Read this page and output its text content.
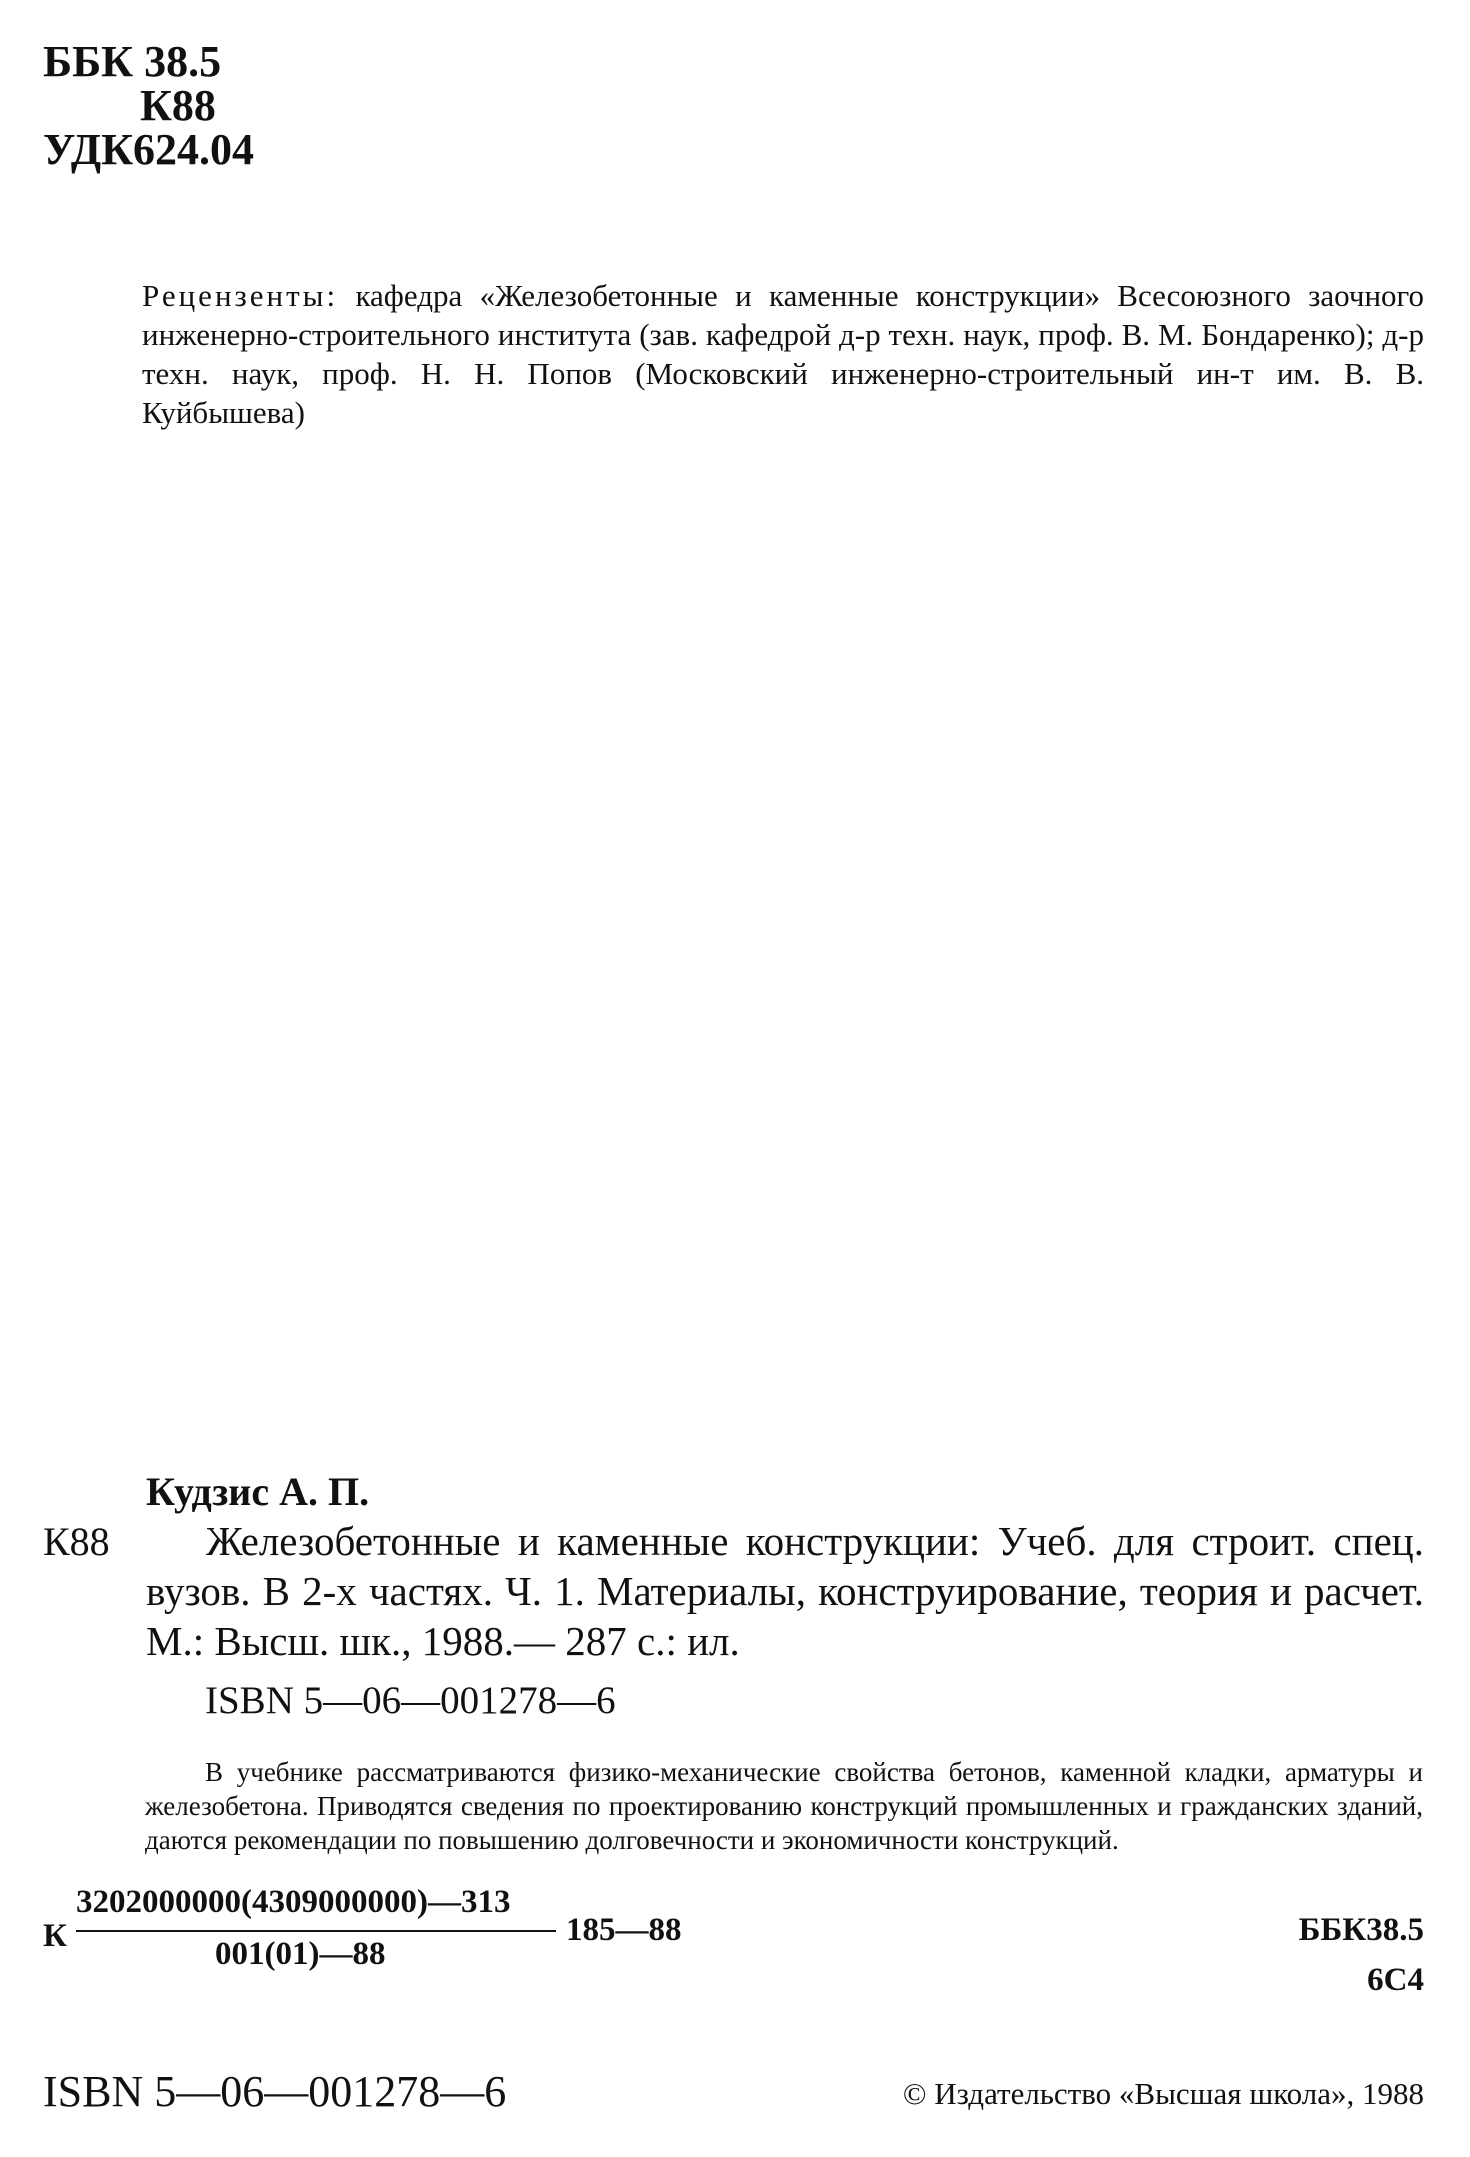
ББК 38.5
К88
УДК624.04
Рецензенты: кафедра «Железобетонные и каменные конструкции» Всесоюзного заочного инженерно-строительного института (зав. кафедрой д-р техн. наук, проф. В. М. Бондаренко); д-р техн. наук, проф. Н. Н. Попов (Московский инженерно-строительный ин-т им. В. В. Куйбышева)
Кудзис А. П.
К88	Железобетонные и каменные конструкции: Учеб. для строит. спец. вузов. В 2-х частях. Ч. 1. Материалы, конструирование, теория и расчет. М.: Высш. шк., 1988.— 287 с.: ил.
ISBN 5—06—001278—6
В учебнике рассматриваются физико-механические свойства бетонов, каменной кладки, арматуры и железобетона. Приводятся сведения по проектированию конструкций промышленных и гражданских зданий, даются рекомендации по повышению долговечности и экономичности конструкций.
К
3202000000(4309000000)—313
001(01)—88
185—88	ББК38.5
6С4
ISBN 5—06—001278—6	© Издательство «Высшая школа», 1988
